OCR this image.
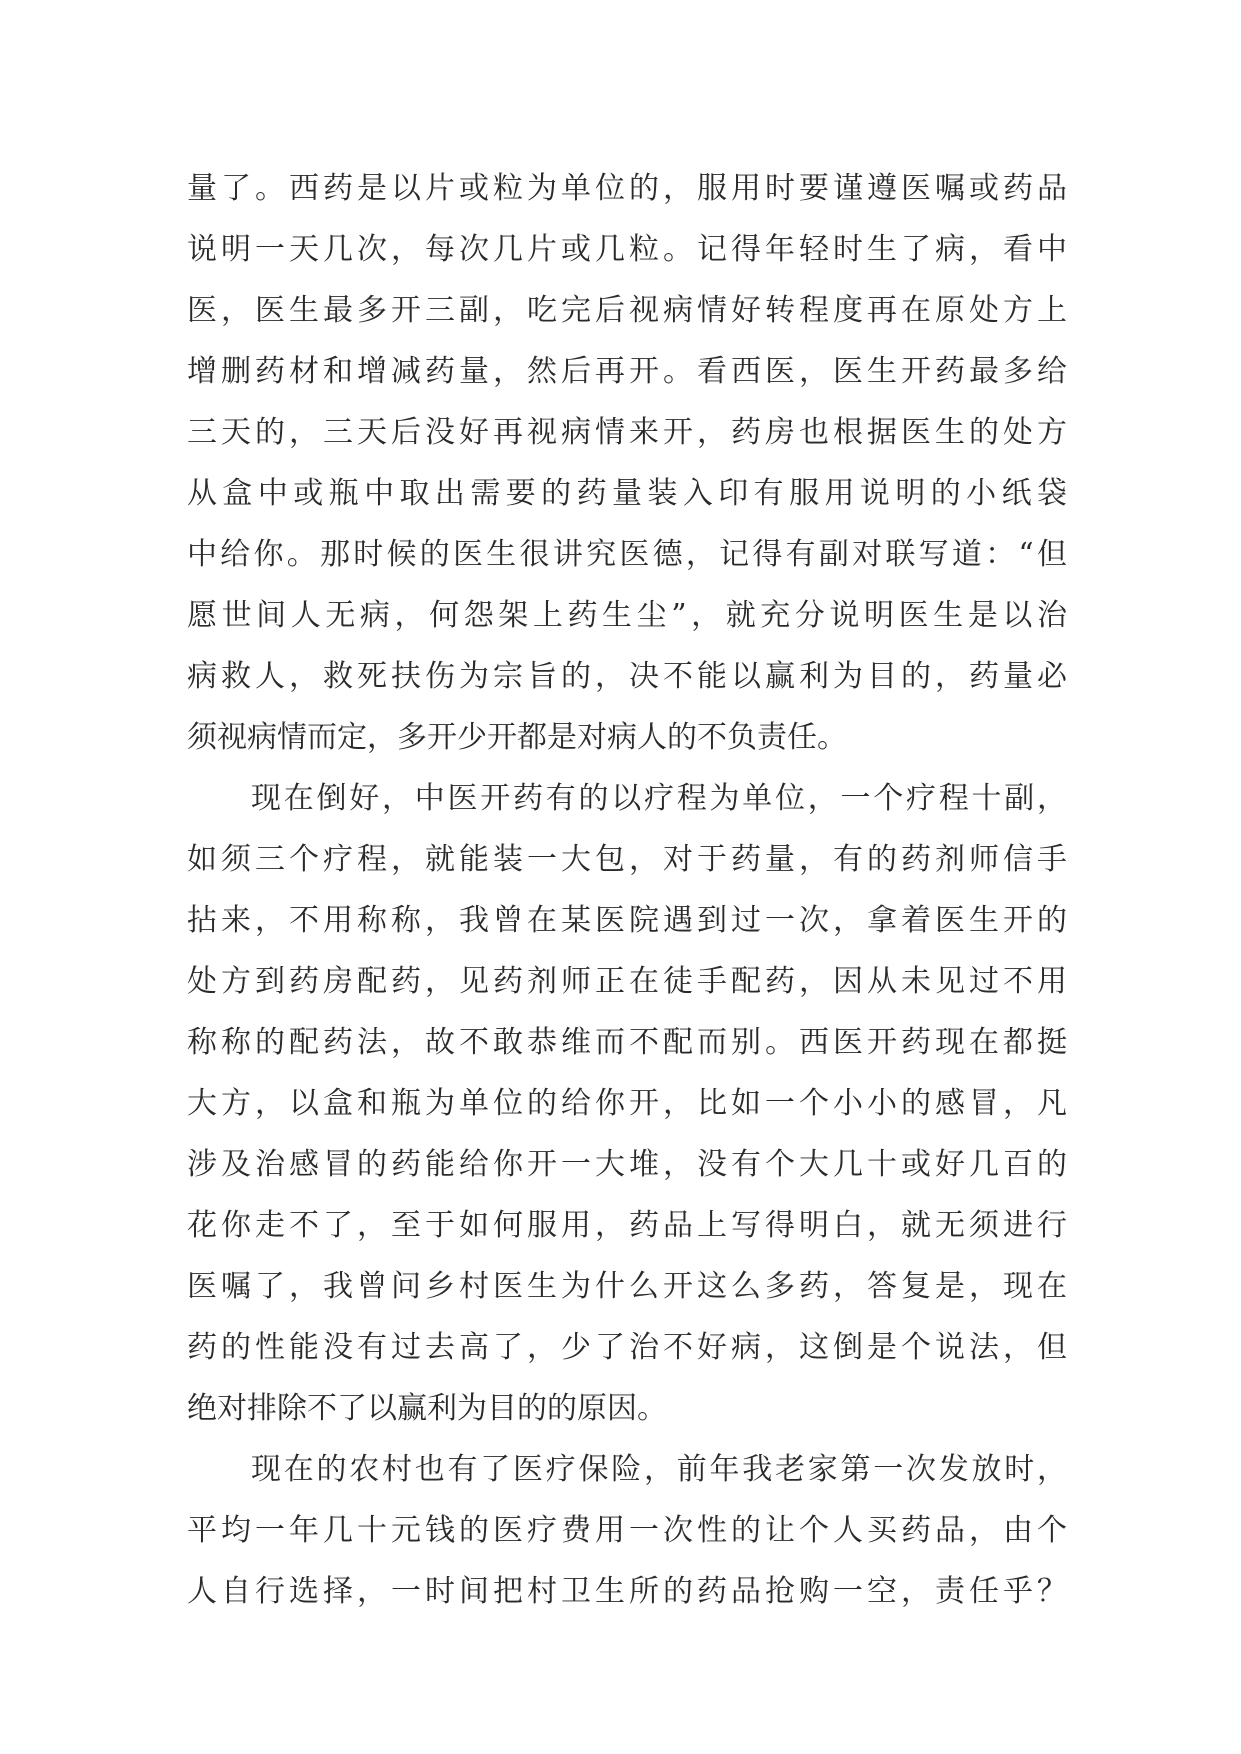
量了。西药是以片或粒为单位的，服用时要谨遵医嘱或药品
说明一天几次，每次几片或几粒。记得年轻时生了病，看中
医，医生最多开三副，吃完后视病情好转程度再在原处方上
增删药材和增减药量，然后再开。看西医，医生开药最多给
三天的，三天后没好再视病情来开，药房也根据医生的处方
从盒中或瓶中取出需要的药量装入印有服用说明的小纸袋
中给你。那时候的医生很讲究医德，记得有副对联写道：“但
愿世间人无病，何怨架上药生尘”，就充分说明医生是以治
病救人，救死扶伤为宗旨的，决不能以赢利为目的，药量必
须视病情而定，多开少开都是对病人的不负责任。
现在倒好，中医开药有的以疗程为单位，一个疗程十副，
如须三个疗程，就能装一大包，对于药量，有的药剂师信手
拈来，不用称称，我曾在某医院遇到过一次，拿着医生开的
处方到药房配药，见药剂师正在徒手配药，因从未见过不用
称称的配药法，故不敢恭维而不配而别。西医开药现在都挺
大方，以盒和瓶为单位的给你开，比如一个小小的感冒，凡
涉及治感冒的药能给你开一大堆，没有个大几十或好几百的
花你走不了，至于如何服用，药品上写得明白，就无须进行
医嘱了，我曾问乡村医生为什么开这么多药，答复是，现在
药的性能没有过去高了，少了治不好病，这倒是个说法，但
绝对排除不了以赢利为目的的原因。
现在的农村也有了医疗保险，前年我老家第一次发放时，
平均一年几十元钱的医疗费用一次性的让个人买药品，由个
人自行选择，一时间把村卫生所的药品抢购一空，责任乎？
